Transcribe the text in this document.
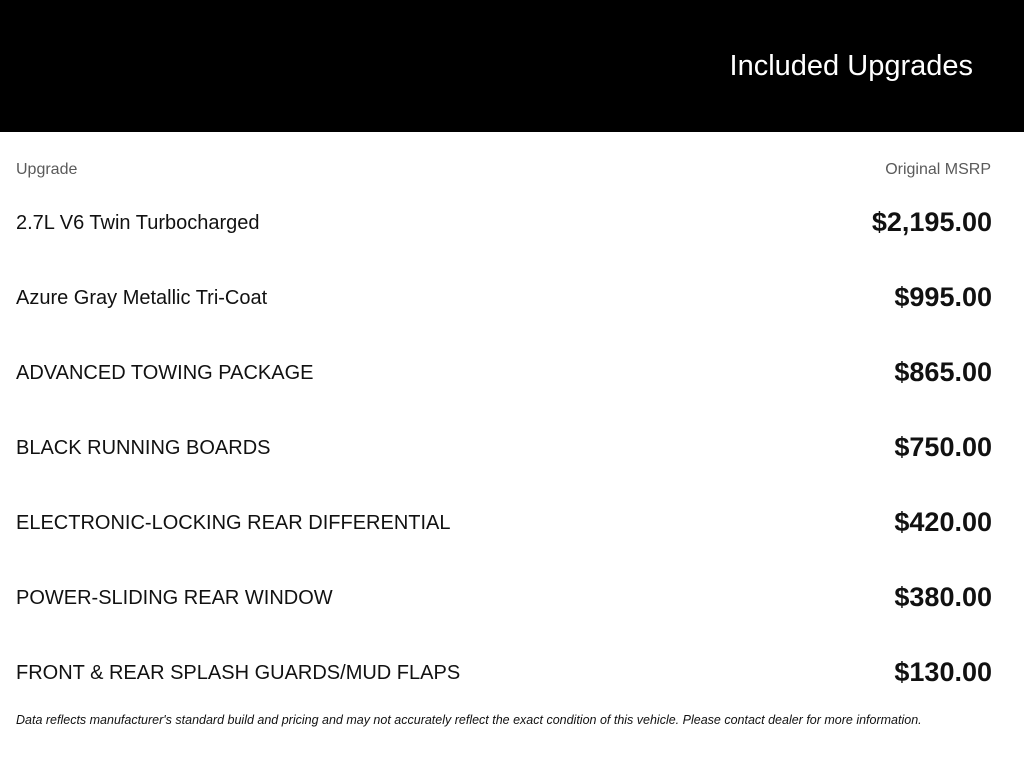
Included Upgrades
Upgrade	Original MSRP
2.7L V6 Twin Turbocharged	$2,195.00
Azure Gray Metallic Tri-Coat	$995.00
ADVANCED TOWING PACKAGE	$865.00
BLACK RUNNING BOARDS	$750.00
ELECTRONIC-LOCKING REAR DIFFERENTIAL	$420.00
POWER-SLIDING REAR WINDOW	$380.00
FRONT & REAR SPLASH GUARDS/MUD FLAPS	$130.00
Data reflects manufacturer's standard build and pricing and may not accurately reflect the exact condition of this vehicle. Please contact dealer for more information.
